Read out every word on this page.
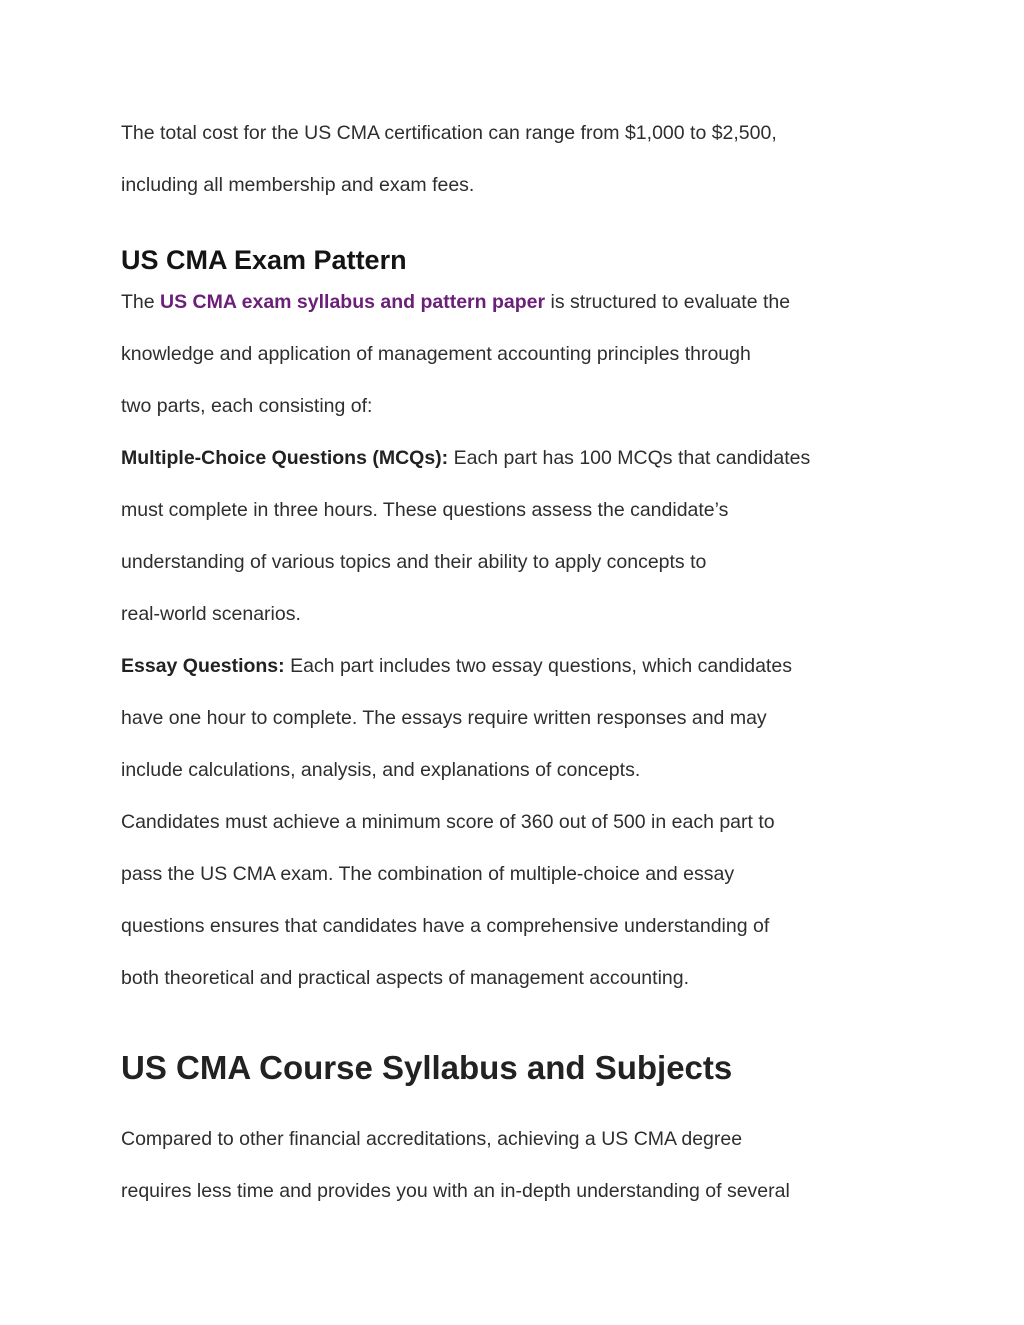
The total cost for the US CMA certification can range from $1,000 to $2,500,
including all membership and exam fees.
US CMA Exam Pattern
The US CMA exam syllabus and pattern paper is structured to evaluate the
knowledge and application of management accounting principles through
two parts, each consisting of:
Multiple-Choice Questions (MCQs): Each part has 100 MCQs that candidates
must complete in three hours. These questions assess the candidate’s
understanding of various topics and their ability to apply concepts to
real-world scenarios.
Essay Questions: Each part includes two essay questions, which candidates
have one hour to complete. The essays require written responses and may
include calculations, analysis, and explanations of concepts.
Candidates must achieve a minimum score of 360 out of 500 in each part to
pass the US CMA exam. The combination of multiple-choice and essay
questions ensures that candidates have a comprehensive understanding of
both theoretical and practical aspects of management accounting.
US CMA Course Syllabus and Subjects
Compared to other financial accreditations, achieving a US CMA degree
requires less time and provides you with an in-depth understanding of several
